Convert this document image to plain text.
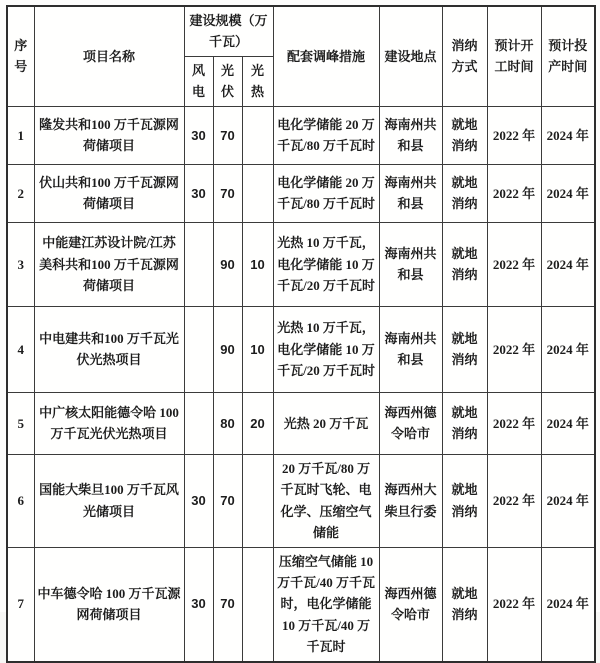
序号	项目名称	建设规模（万千瓦）			配套调峰措施	建设地点	消纳方式	预计开工时间	预计投产时间
		风电	光伏	光热					
1	隆发共和100 万千瓦源网荷储项目	30	70		电化学储能 20 万千瓦/80 万千瓦时	海南州共和县	就地消纳	2022 年	2024 年
2	伏山共和100 万千瓦源网荷储项目	30	70		电化学储能 20 万千瓦/80 万千瓦时	海南州共和县	就地消纳	2022 年	2024 年
3	中能建江苏设计院/江苏美科共和100 万千瓦源网荷储项目		90	10	光热 10 万千瓦，电化学储能 10 万千瓦/20 万千瓦时	海南州共和县	就地消纳	2022 年	2024 年
4	中电建共和100 万千瓦光伏光热项目		90	10	光热 10 万千瓦，电化学储能 10 万千瓦/20 万千瓦时	海南州共和县	就地消纳	2022 年	2024 年
5	中广核太阳能德令哈 100 万千瓦光伏光热项目		80	20	光热 20 万千瓦	海西州德令哈市	就地消纳	2022 年	2024 年
6	国能大柴旦100 万千瓦风光储项目	30	70		20 万千瓦/80 万千瓦时飞轮、电化学、压缩空气储能	海西州大柴旦行委	就地消纳	2022 年	2024 年
7	中车德令哈 100 万千瓦源网荷储项目	30	70		压缩空气储能 10 万千瓦/40 万千瓦时，电化学储能 10 万千瓦/40 万千瓦时	海西州德令哈市	就地消纳	2022 年	2024 年
